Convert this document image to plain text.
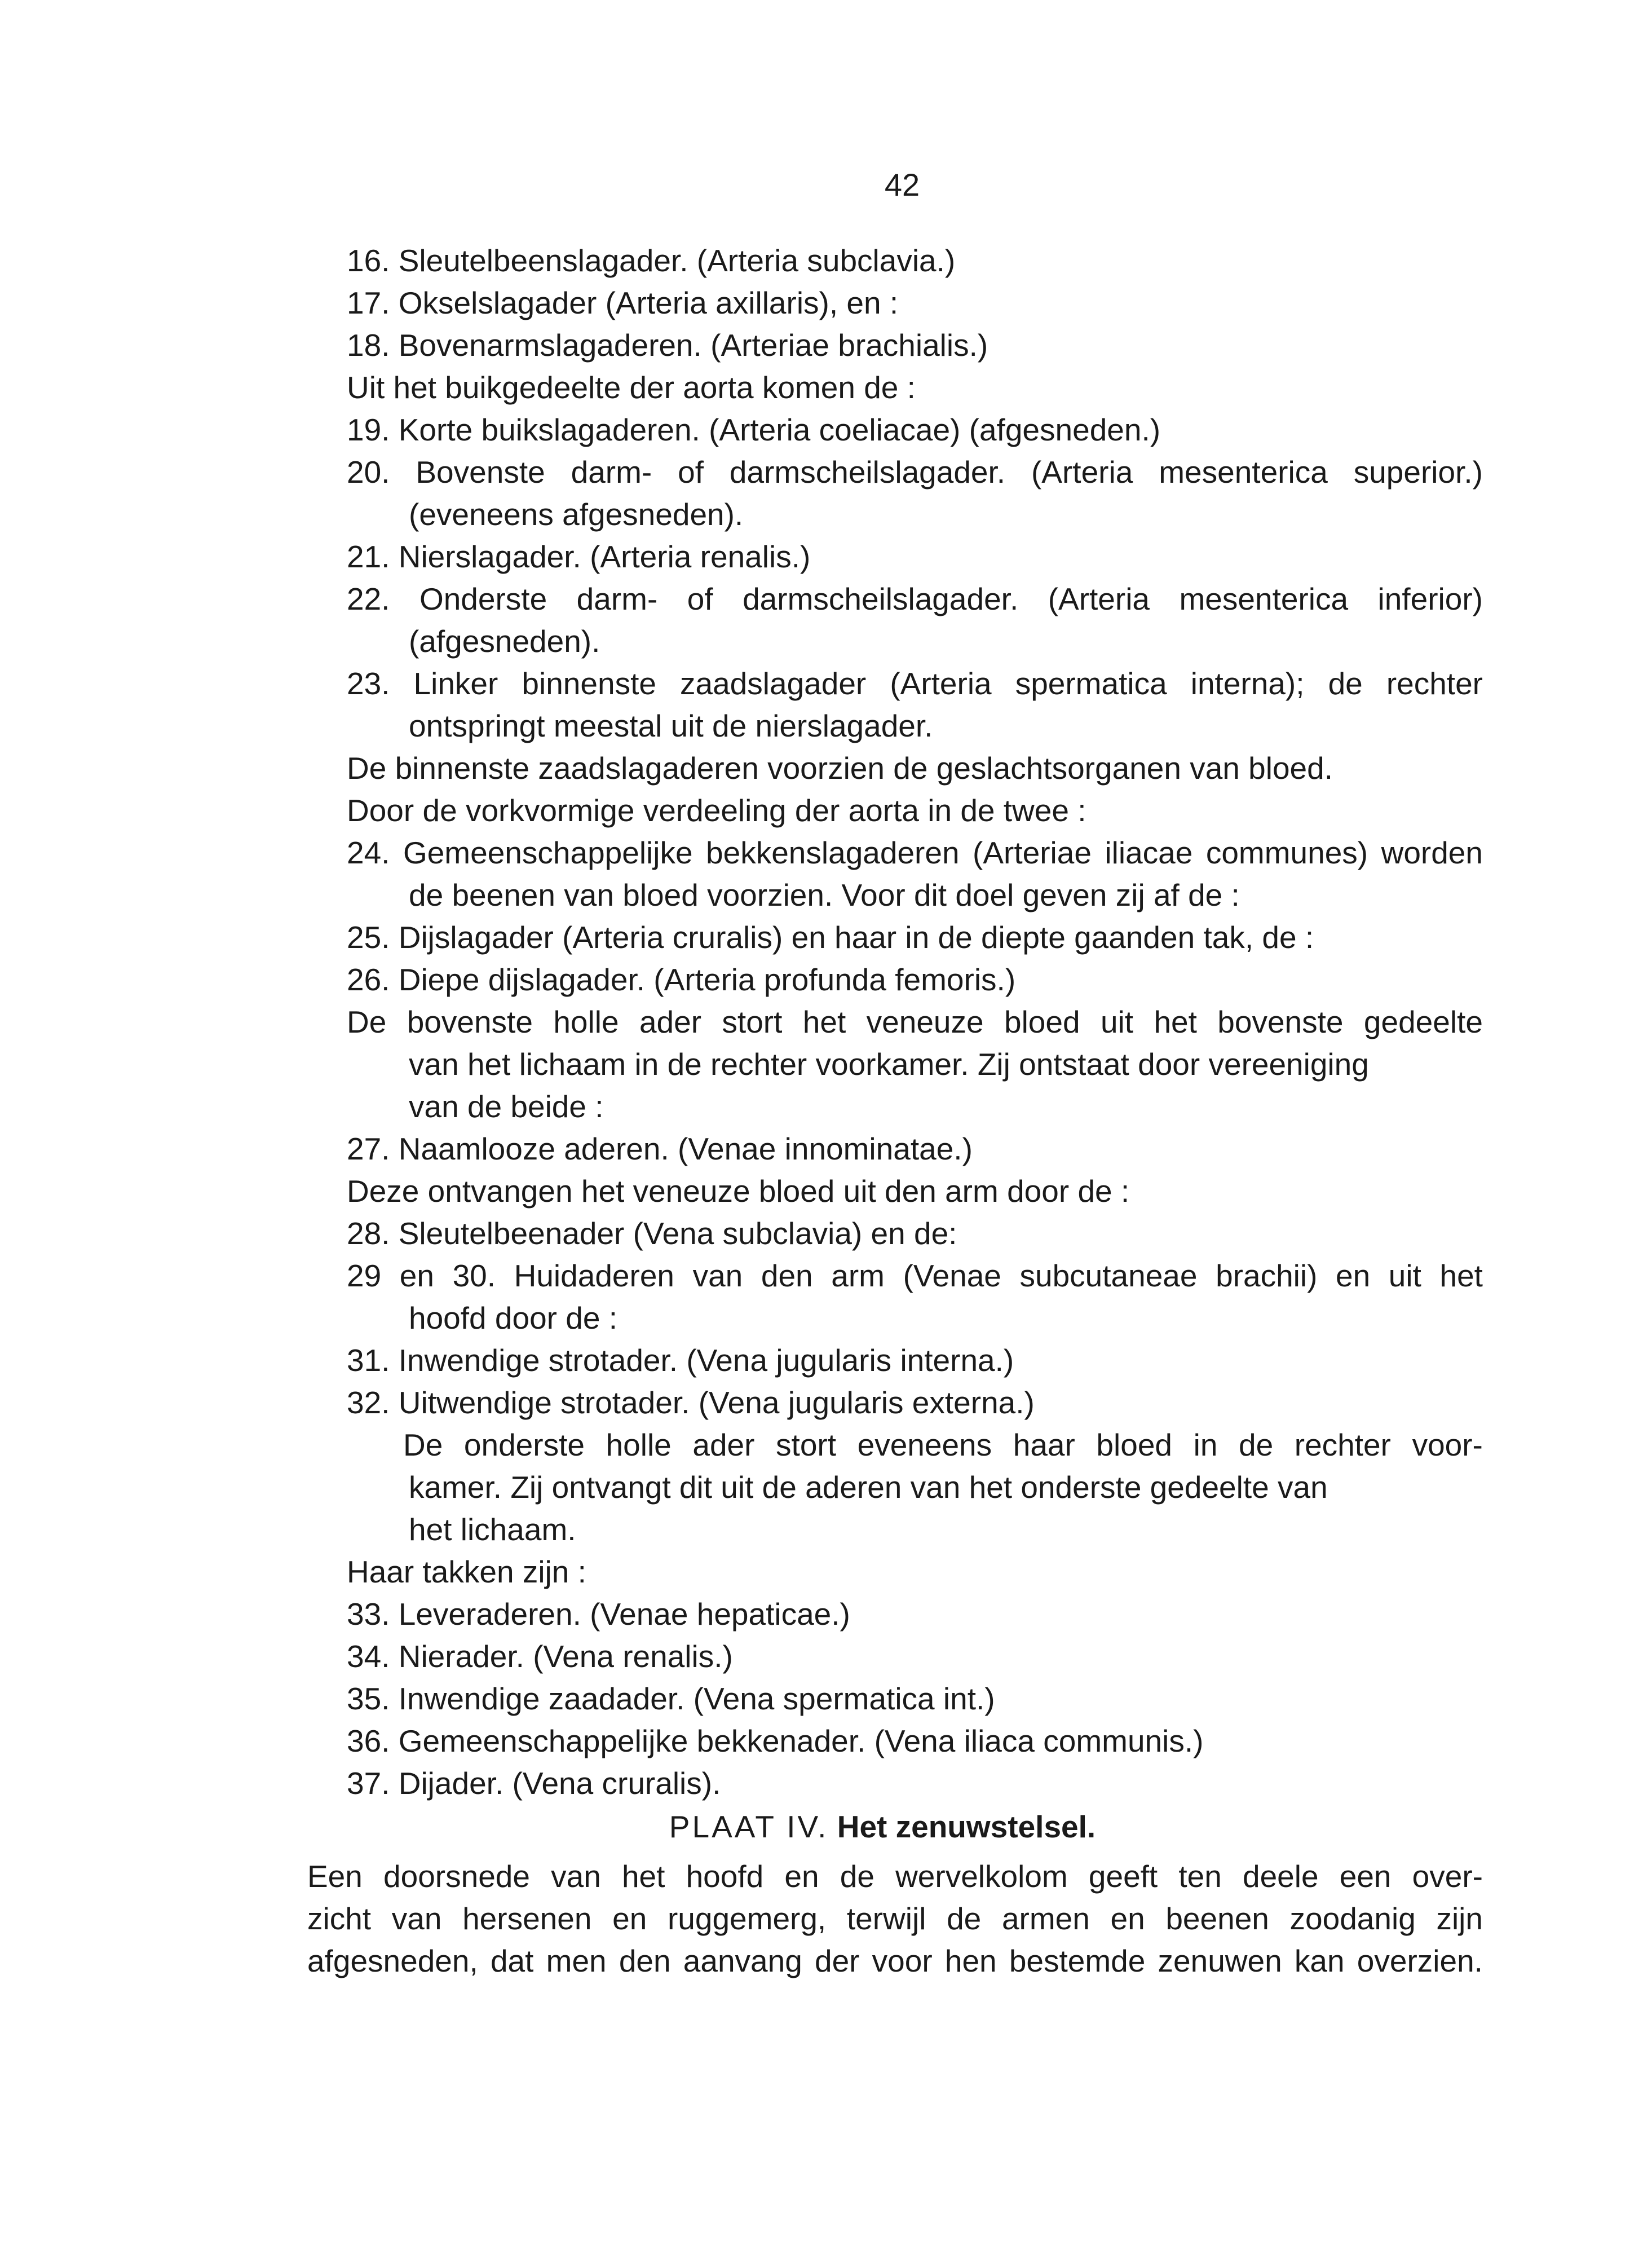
42
16. Sleutelbeenslagader. (Arteria subclavia.)
17. Okselslagader (Arteria axillaris), en :
18. Bovenarmslagaderen. (Arteriae brachialis.)
Uit het buikgedeelte der aorta komen de :
19. Korte buikslagaderen. (Arteria coeliacae) (afgesneden.)
20. Bovenste darm- of darmscheilslagader. (Arteria mesenterica superior.)
(eveneens afgesneden).
21. Nierslagader. (Arteria renalis.)
22. Onderste darm- of darmscheilslagader. (Arteria mesenterica inferior)
(afgesneden).
23. Linker binnenste zaadslagader (Arteria spermatica interna); de rechter
ontspringt meestal uit de nierslagader.
De binnenste zaadslagaderen voorzien de geslachtsorganen van bloed.
Door de vorkvormige verdeeling der aorta in de twee :
24. Gemeenschappelijke bekkenslagaderen (Arteriae iliacae communes) worden
de beenen van bloed voorzien. Voor dit doel geven zij af de :
25. Dijslagader (Arteria cruralis) en haar in de diepte gaanden tak, de :
26. Diepe dijslagader. (Arteria profunda femoris.)
De bovenste holle ader stort het veneuze bloed uit het bovenste gedeelte
van het lichaam in de rechter voorkamer. Zij ontstaat door vereeniging
van de beide :
27. Naamlooze aderen. (Venae innominatae.)
Deze ontvangen het veneuze bloed uit den arm door de :
28. Sleutelbeenader (Vena subclavia) en de:
29 en 30. Huidaderen van den arm (Venae subcutaneae brachii) en uit het
hoofd door de :
31. Inwendige strotader. (Vena jugularis interna.)
32. Uitwendige strotader. (Vena jugularis externa.)
De onderste holle ader stort eveneens haar bloed in de rechter voor-
kamer. Zij ontvangt dit uit de aderen van het onderste gedeelte van
het lichaam.
Haar takken zijn :
33. Leveraderen. (Venae hepaticae.)
34. Nierader. (Vena renalis.)
35. Inwendige zaadader. (Vena spermatica int.)
36. Gemeenschappelijke bekkenader. (Vena iliaca communis.)
37. Dijader. (Vena cruralis).
PLAAT IV. Het zenuwstelsel.
Een doorsnede van het hoofd en de wervelkolom geeft ten deele een over-
zicht van hersenen en ruggemerg, terwijl de armen en beenen zoodanig zijn
afgesneden, dat men den aanvang der voor hen bestemde zenuwen kan overzien.
